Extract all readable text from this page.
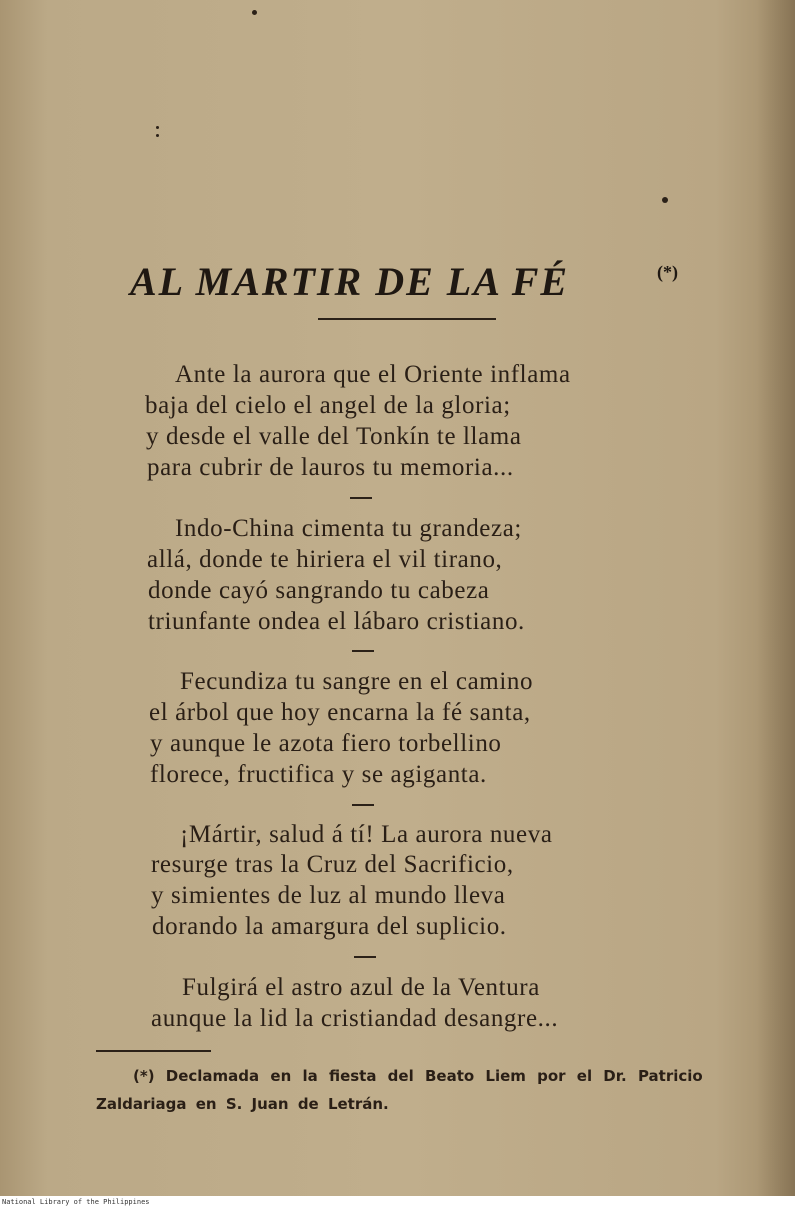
AL MARTIR DE LA FÉ	(*)
Ante la aurora que el Oriente inflama
baja del cielo el angel de la gloria;
y desde el valle del Tonkín te llama
para cubrir de lauros tu memoria...
Indo-China cimenta tu grandeza;
allá, donde te hiriera el vil tirano,
donde cayó sangrando tu cabeza
triunfante ondea el lábaro cristiano.
Fecundiza tu sangre en el camino
el árbol que hoy encarna la fé santa,
y aunque le azota fiero torbellino
florece, fructifica y se agiganta.
¡Mártir, salud á tí! La aurora nueva
resurge tras la Cruz del Sacrificio,
y simientes de luz al mundo lleva
dorando la amargura del suplicio.
Fulgirá el astro azul de la Ventura
aunque la lid la cristiandad desangre...
(*) Declamada en la fiesta del Beato Liem por el Dr. Patricio
Zaldariaga en S. Juan de Letrán.
National Library of the Philippines
